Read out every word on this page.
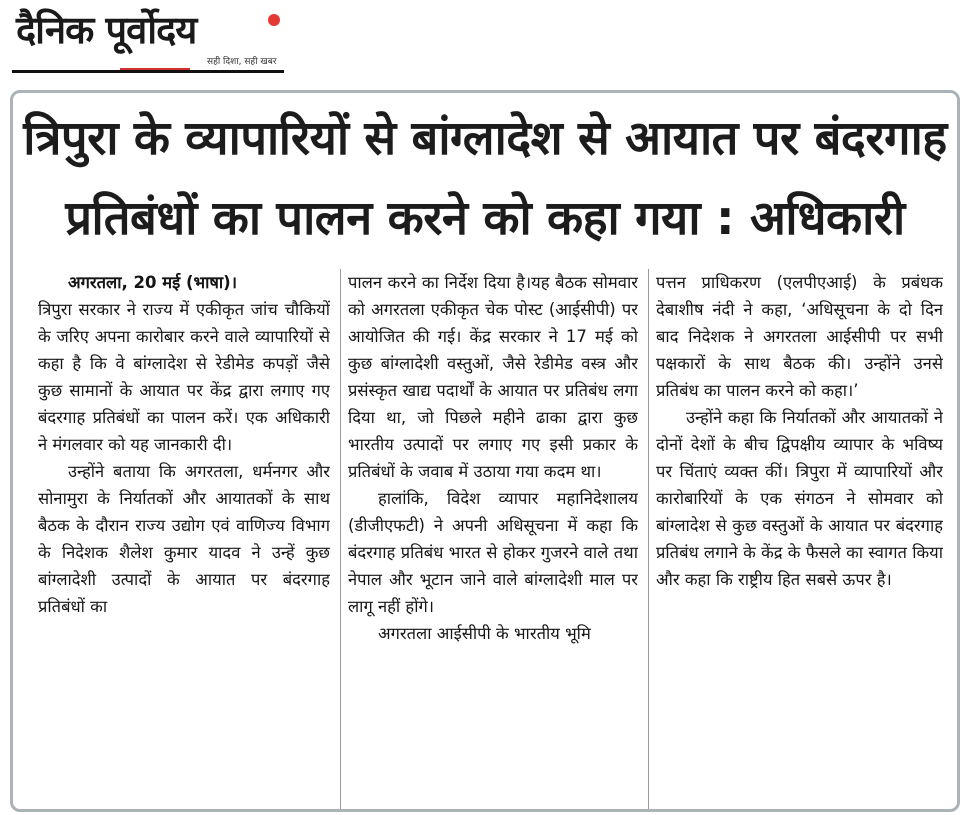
दैनिक पूर्वोदय
सही दिशा, सही खबर
त्रिपुरा के व्यापारियों से बांग्लादेश से आयात पर बंदरगाह
प्रतिबंधों का पालन करने को कहा गया : अधिकारी

अगरतला, 20 मई (भाषा)।

त्रिपुरा सरकार ने राज्य में एकीकृत जांच चौकियों के जरिए अपना कारोबार करने वाले व्यापारियों से कहा है कि वे बांग्लादेश से रेडीमेड कपड़ों जैसे कुछ सामानों के आयात पर केंद्र द्वारा लगाए गए बंदरगाह प्रतिबंधों का पालन करें। एक अधिकारी ने मंगलवार को यह जानकारी दी।

उन्होंने बताया कि अगरतला, धर्मनगर और सोनामुरा के निर्यातकों और आयातकों के साथ बैठक के दौरान राज्य उद्योग एवं वाणिज्य विभाग के निदेशक शैलेश कुमार यादव ने उन्हें कुछ बांग्लादेशी उत्पादों के आयात पर बंदरगाह प्रतिबंधों का

पालन करने का निर्देश दिया है।यह बैठक सोमवार को अगरतला एकीकृत चेक पोस्ट (आईसीपी) पर आयोजित की गई। केंद्र सरकार ने 17 मई को कुछ बांग्लादेशी वस्तुओं, जैसे रेडीमेड वस्त्र और प्रसंस्कृत खाद्य पदार्थों के आयात पर प्रतिबंध लगा दिया था, जो पिछले महीने ढाका द्वारा कुछ भारतीय उत्पादों पर लगाए गए इसी प्रकार के प्रतिबंधों के जवाब में उठाया गया कदम था।

हालांकि, विदेश व्यापार महानिदेशालय (डीजीएफटी) ने अपनी अधिसूचना में कहा कि बंदरगाह प्रतिबंध भारत से होकर गुजरने वाले तथा नेपाल और भूटान जाने वाले बांग्लादेशी माल पर लागू नहीं होंगे।

अगरतला आईसीपी के भारतीय भूमि

पत्तन प्राधिकरण (एलपीएआई) के प्रबंधक देबाशीष नंदी ने कहा, ‘अधिसूचना के दो दिन बाद निदेशक ने अगरतला आईसीपी पर सभी पक्षकारों के साथ बैठक की। उन्होंने उनसे प्रतिबंध का पालन करने को कहा।’

उन्होंने कहा कि निर्यातकों और आयातकों ने दोनों देशों के बीच द्विपक्षीय व्यापार के भविष्य पर चिंताएं व्यक्त कीं। त्रिपुरा में व्यापारियों और कारोबारियों के एक संगठन ने सोमवार को बांग्लादेश से कुछ वस्तुओं के आयात पर बंदरगाह प्रतिबंध लगाने के केंद्र के फैसले का स्वागत किया और कहा कि राष्ट्रीय हित सबसे ऊपर है।
